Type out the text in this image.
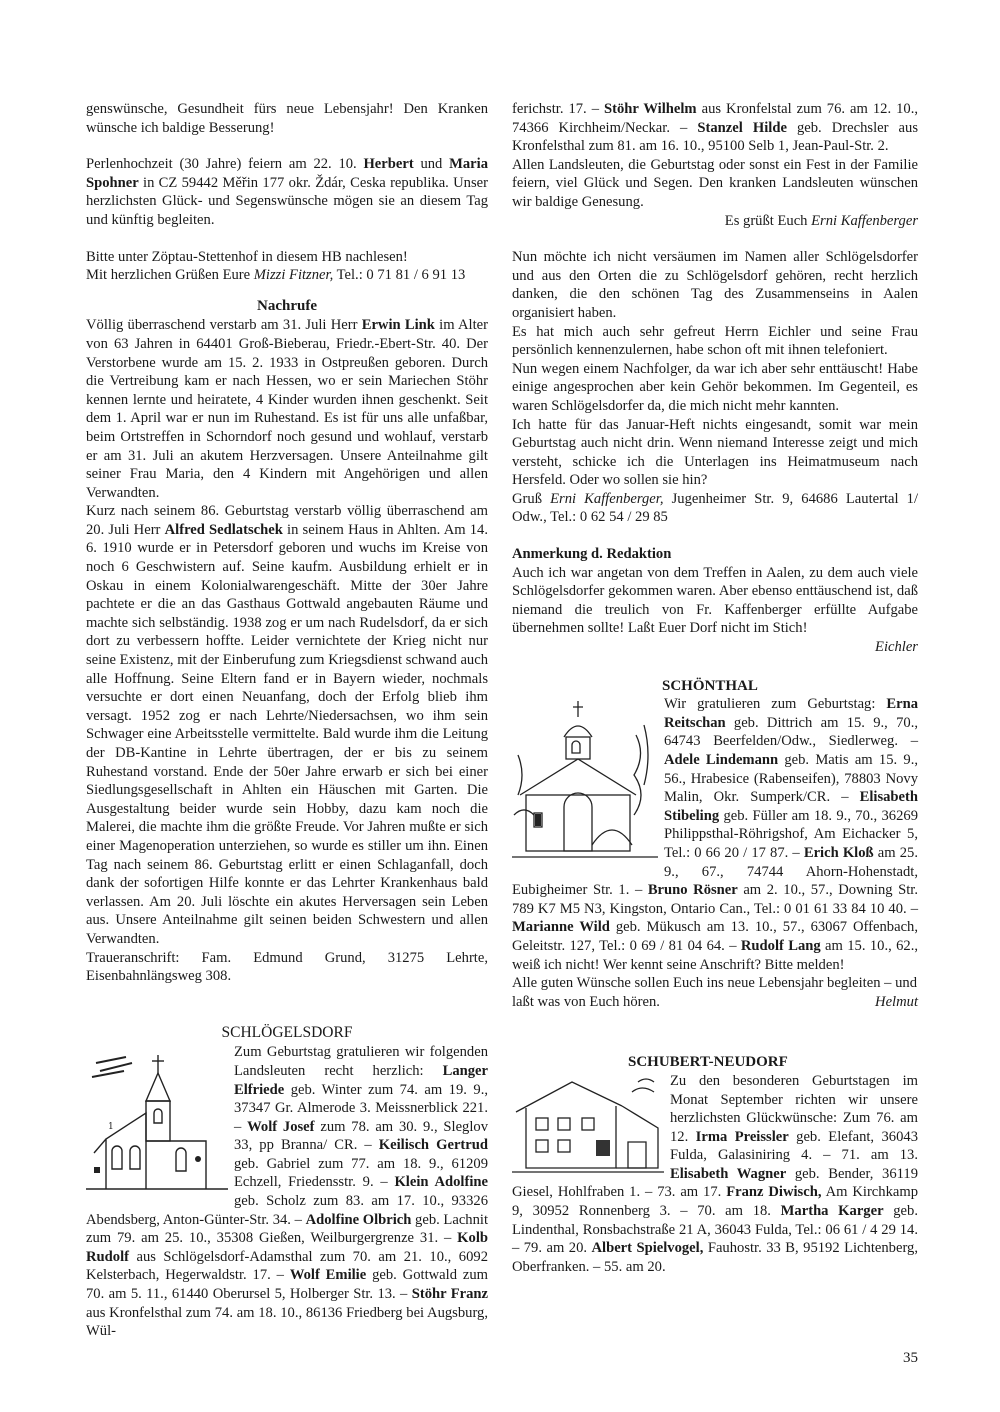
genswünsche, Gesundheit fürs neue Lebensjahr! Den Kranken wünsche ich baldige Besserung!

Perlenhochzeit (30 Jahre) feiern am 22. 10. Herbert und Maria Spohner in CZ 59442 Měřin 177 okr. Ždár, Ceska republika. Unser herzlichsten Glück- und Segenswünsche mögen sie an diesem Tag und künftig begleiten.

Bitte unter Zöptau-Stettenhof in diesem HB nachlesen!

Mit herzlichen Grüßen Eure Mizzi Fitzner, Tel.: 0 71 81 / 6 91 13

Nachrufe

Völlig überraschend verstarb am 31. Juli Herr Erwin Link im Alter von 63 Jahren in 64401 Groß-Bieberau, Friedr.-Ebert-Str. 40. Der Verstorbene wurde am 15. 2. 1933 in Ostpreußen geboren. Durch die Vertreibung kam er nach Hessen, wo er sein Mariechen Stöhr kennen lernte und heiratete, 4 Kinder wurden ihnen geschenkt. Seit dem 1. April war er nun im Ruhestand. Es ist für uns alle unfaßbar, beim Ortstreffen in Schorndorf noch gesund und wohlauf, verstarb er am 31. Juli an akutem Herzversagen. Unsere Anteilnahme gilt seiner Frau Maria, den 4 Kindern mit Angehörigen und allen Verwandten.

Kurz nach seinem 86. Geburtstag verstarb völlig überraschend am 20. Juli Herr Alfred Sedlatschek in seinem Haus in Ahlten. Am 14. 6. 1910 wurde er in Petersdorf geboren und wuchs im Kreise von noch 6 Geschwistern auf. Seine kaufm. Ausbildung erhielt er in Oskau in einem Kolonialwarengeschäft. Mitte der 30er Jahre pachtete er die an das Gasthaus Gottwald angebauten Räume und machte sich selbständig. 1938 zog er um nach Rudelsdorf, da er sich dort zu verbessern hoffte. Leider vernichtete der Krieg nicht nur seine Existenz, mit der Einberufung zum Kriegsdienst schwand auch alle Hoffnung. Seine Eltern fand er in Bayern wieder, nochmals versuchte er dort einen Neuanfang, doch der Erfolg blieb ihm versagt. 1952 zog er nach Lehrte/Niedersachsen, wo ihm sein Schwager eine Arbeitsstelle vermittelte. Bald wurde ihm die Leitung der DB-Kantine in Lehrte übertragen, der er bis zu seinem Ruhestand vorstand. Ende der 50er Jahre erwarb er sich bei einer Siedlungsgesellschaft in Ahlten ein Häuschen mit Garten. Die Ausgestaltung beider wurde sein Hobby, dazu kam noch die Malerei, die machte ihm die größte Freude. Vor Jahren mußte er sich einer Magenoperation unterziehen, so wurde es stiller um ihn. Einen Tag nach seinem 86. Geburtstag erlitt er einen Schlaganfall, doch dank der sofortigen Hilfe konnte er das Lehrter Krankenhaus bald verlassen. Am 20. Juli löschte ein akutes Herversagen sein Leben aus. Unsere Anteilnahme gilt seinen beiden Schwestern und allen Verwandten.

Traueranschrift: Fam. Edmund Grund, 31275 Lehrte, Eisenbahnlängsweg 308.

SCHLÖGELSDORF
1
Zum Geburtstag gratulieren wir folgenden Landsleuten recht herzlich: Langer Elfriede geb. Winter zum 74. am 19. 9., 37347 Gr. Almerode 3. Meissnerblick 221. – Wolf Josef zum 78. am 30. 9., Sleglov 33, pp Branna/ CR. – Keilisch Gertrud geb. Gabriel zum 77. am 18. 9., 61209 Echzell, Friedensstr. 9. – Klein Adolfine geb. Scholz zum 83. am 17. 10., 93326 Abendsberg, Anton-Günter-Str. 34. – Adolfine Olbrich geb. Lachnit zum 79. am 25. 10., 35308 Gießen, Weilburgergrenze 31. – Kolb Rudolf aus Schlögelsdorf-Adamsthal zum 70. am 21. 10., 6092 Kelsterbach, Hegerwaldstr. 17. – Wolf Emilie geb. Gottwald zum 70. am 5. 11., 61440 Oberursel 5, Holberger Str. 13. – Stöhr Franz aus Kronfelsthal zum 74. am 18. 10., 86136 Friedberg bei Augsburg, Wül-

ferichstr. 17. – Stöhr Wilhelm aus Kronfelstal zum 76. am 12. 10., 74366 Kirchheim/Neckar. – Stanzel Hilde geb. Drechsler aus Kronfelsthal zum 81. am 16. 10., 95100 Selb 1, Jean-Paul-Str. 2.

Allen Landsleuten, die Geburtstag oder sonst ein Fest in der Familie feiern, viel Glück und Segen. Den kranken Landsleuten wünschen wir baldige Genesung.

Es grüßt Euch Erni Kaffenberger

Nun möchte ich nicht versäumen im Namen aller Schlögelsdorfer und aus den Orten die zu Schlögelsdorf gehören, recht herzlich danken, die den schönen Tag des Zusammenseins in Aalen organisiert haben.

Es hat mich auch sehr gefreut Herrn Eichler und seine Frau persönlich kennenzulernen, habe schon oft mit ihnen telefoniert.

Nun wegen einem Nachfolger, da war ich aber sehr enttäuscht! Habe einige angesprochen aber kein Gehör bekommen. Im Gegenteil, es waren Schlögelsdorfer da, die mich nicht mehr kannten.

Ich hatte für das Januar-Heft nichts eingesandt, somit war mein Geburtstag auch nicht drin. Wenn niemand Interesse zeigt und mich versteht, schicke ich die Unterlagen ins Heimatmuseum nach Hersfeld. Oder wo sollen sie hin?

Gruß Erni Kaffenberger, Jugenheimer Str. 9, 64686 Lautertal 1/ Odw., Tel.: 0 62 54 / 29 85

Anmerkung d. Redaktion

Auch ich war angetan von dem Treffen in Aalen, zu dem auch viele Schlögelsdorfer gekommen waren. Aber ebenso enttäuschend ist, daß niemand die treulich von Fr. Kaffenberger erfüllte Aufgabe übernehmen sollte! Laßt Euer Dorf nicht im Stich!

Eichler

SCHÖNTHAL
Wir gratulieren zum Geburtstag: Erna Reitschan geb. Dittrich am 15. 9., 70., 64743 Beerfelden/Odw., Siedlerweg. – Adele Lindemann geb. Matis am 15. 9., 56., Hrabesice (Rabenseifen), 78803 Novy Malin, Okr. Sumperk/CR. – Elisabeth Stibeling geb. Füller am 18. 9., 70., 36269 Philippsthal-Röhrigshof, Am Eichacker 5, Tel.: 0 66 20 / 17 87. – Erich Kloß am 25. 9., 67., 74744 Ahorn-Hohenstadt, Eubigheimer Str. 1. – Bruno Rösner am 2. 10., 57., Downing Str. 789 K7 M5 N3, Kingston, Ontario Can., Tel.: 0 01 61 33 84 10 40. – Marianne Wild geb. Mükusch am 13. 10., 57., 63067 Offenbach, Geleitstr. 127, Tel.: 0 69 / 81 04 64. – Rudolf Lang am 15. 10., 62., weiß ich nicht! Wer kennt seine Anschrift? Bitte melden!

Alle guten Wünsche sollen Euch ins neue Lebensjahr begleiten – und laßt was von Euch hören.	Helmut

SCHUBERT-NEUDORF
Zu den besonderen Geburtstagen im Monat September richten wir unsere herzlichsten Glückwünsche: Zum 76. am 12. Irma Preissler geb. Elefant, 36043 Fulda, Galasiniring 4. – 71. am 13. Elisabeth Wagner geb. Bender, 36119 Giesel, Hohlfraben 1. – 73. am 17. Franz Diwisch, Am Kirchkamp 9, 30952 Ronnenberg 3. – 70. am 18. Martha Karger geb. Lindenthal, Ronsbachstraße 21 A, 36043 Fulda, Tel.: 06 61 / 4 29 14. – 79. am 20. Albert Spielvogel, Fauhostr. 33 B, 95192 Lichtenberg, Oberfranken. – 55. am 20.
35
